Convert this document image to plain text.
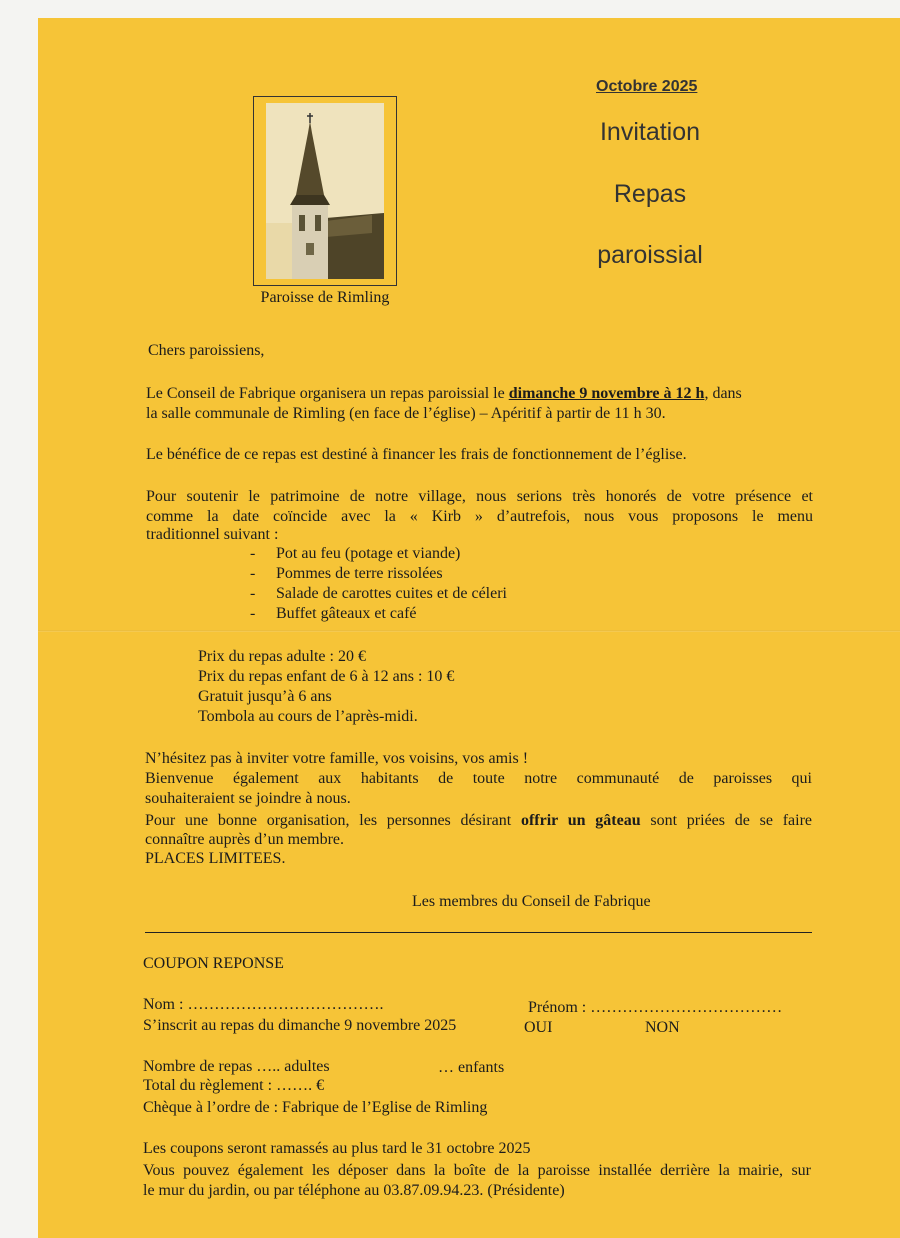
Paroisse de Rimling
Octobre 2025
Invitation
Repas
paroissial
Chers paroissiens,
Le Conseil de Fabrique organisera un repas paroissial le dimanche 9 novembre à 12 h, dans
la salle communale de Rimling (en face de l’église) – Apéritif à partir de 11 h 30.
Le bénéfice de ce repas est destiné à financer les frais de fonctionnement de l’église.
Pour soutenir le patrimoine de notre village, nous serions très honorés de votre présence et
comme la date coïncide avec la « Kirb » d’autrefois, nous vous proposons le menu
traditionnel suivant :
- Pot au feu (potage et viande)
- Pommes de terre rissolées
- Salade de carottes cuites et de céleri
- Buffet gâteaux et café
Prix du repas adulte : 20 €
Prix du repas enfant de 6 à 12 ans : 10 €
Gratuit jusqu’à 6 ans
Tombola au cours de l’après-midi.
N’hésitez pas à inviter votre famille, vos voisins, vos amis !
Bienvenue également aux habitants de toute notre communauté de paroisses qui
souhaiteraient se joindre à nous.
Pour une bonne organisation, les personnes désirant offrir un gâteau sont priées de se faire
connaître auprès d’un membre.
PLACES LIMITEES.
Les membres du Conseil de Fabrique
COUPON REPONSE
Nom : ……………………………….	Prénom : ………………………………
S’inscrit au repas du dimanche 9 novembre 2025	OUI	NON
Nombre de repas ….. adultes	… enfants
Total du règlement : ……. €
Chèque à l’ordre de : Fabrique de l’Eglise de Rimling
Les coupons seront ramassés au plus tard le 31 octobre 2025
Vous pouvez également les déposer dans la boîte de la paroisse installée derrière la mairie, sur
le mur du jardin, ou par téléphone au 03.87.09.94.23. (Présidente)
